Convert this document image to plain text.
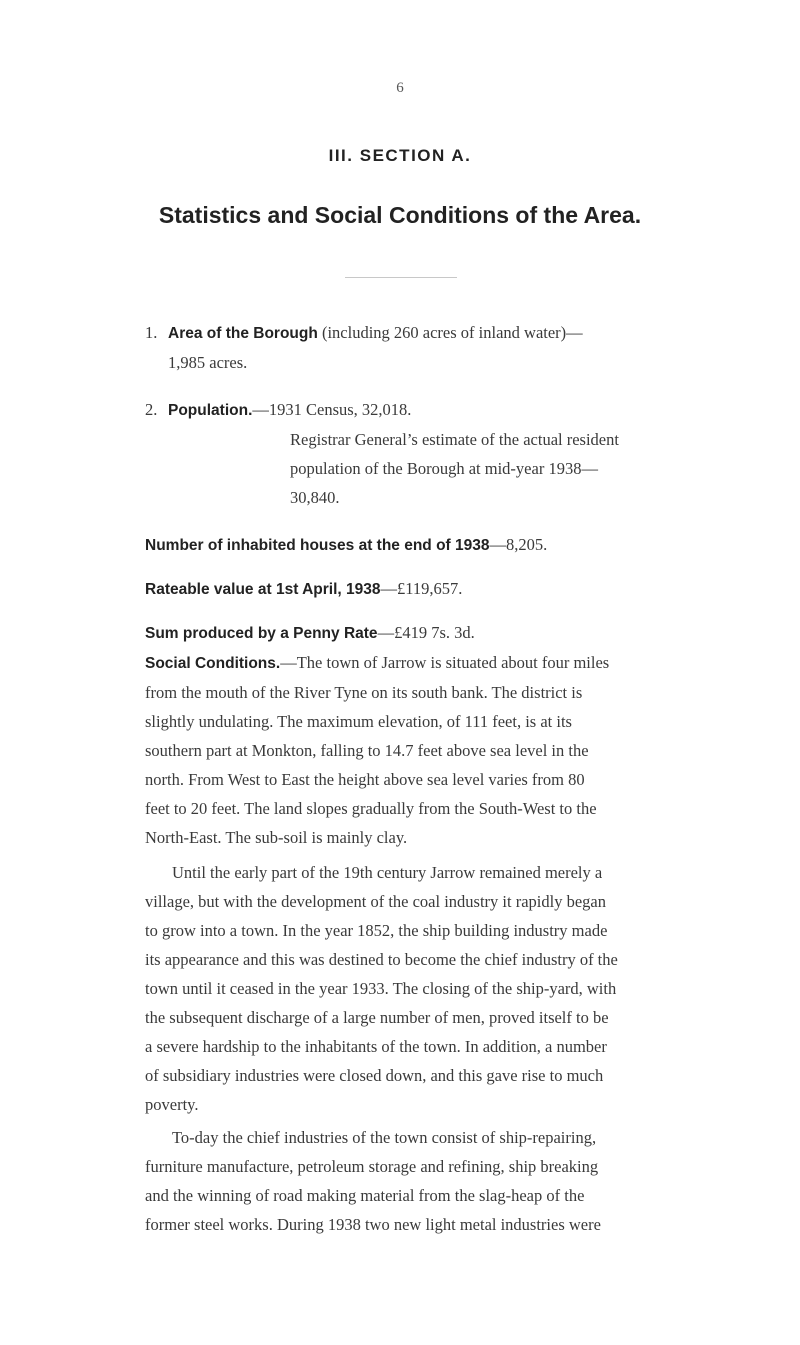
6
III. SECTION A.
Statistics and Social Conditions of the Area.
1. Area of the Borough (including 260 acres of inland water)—
1,985 acres.
2. Population.—1931 Census, 32,018.
Registrar General’s estimate of the actual resident
population of the Borough at mid-year 1938—
30,840.
Number of inhabited houses at the end of 1938—8,205.
Rateable value at 1st April, 1938—£119,657.
Sum produced by a Penny Rate—£419 7s. 3d.
Social Conditions.—The town of Jarrow is situated about four miles
from the mouth of the River Tyne on its south bank. The district is
slightly undulating. The maximum elevation, of 111 feet, is at its
southern part at Monkton, falling to 14.7 feet above sea level in the
north. From West to East the height above sea level varies from 80
feet to 20 feet. The land slopes gradually from the South-West to the
North-East. The sub-soil is mainly clay.
Until the early part of the 19th century Jarrow remained merely a
village, but with the development of the coal industry it rapidly began
to grow into a town. In the year 1852, the ship building industry made
its appearance and this was destined to become the chief industry of the
town until it ceased in the year 1933. The closing of the ship-yard, with
the subsequent discharge of a large number of men, proved itself to be
a severe hardship to the inhabitants of the town. In addition, a number
of subsidiary industries were closed down, and this gave rise to much
poverty.
To-day the chief industries of the town consist of ship-repairing,
furniture manufacture, petroleum storage and refining, ship breaking
and the winning of road making material from the slag-heap of the
former steel works. During 1938 two new light metal industries were
